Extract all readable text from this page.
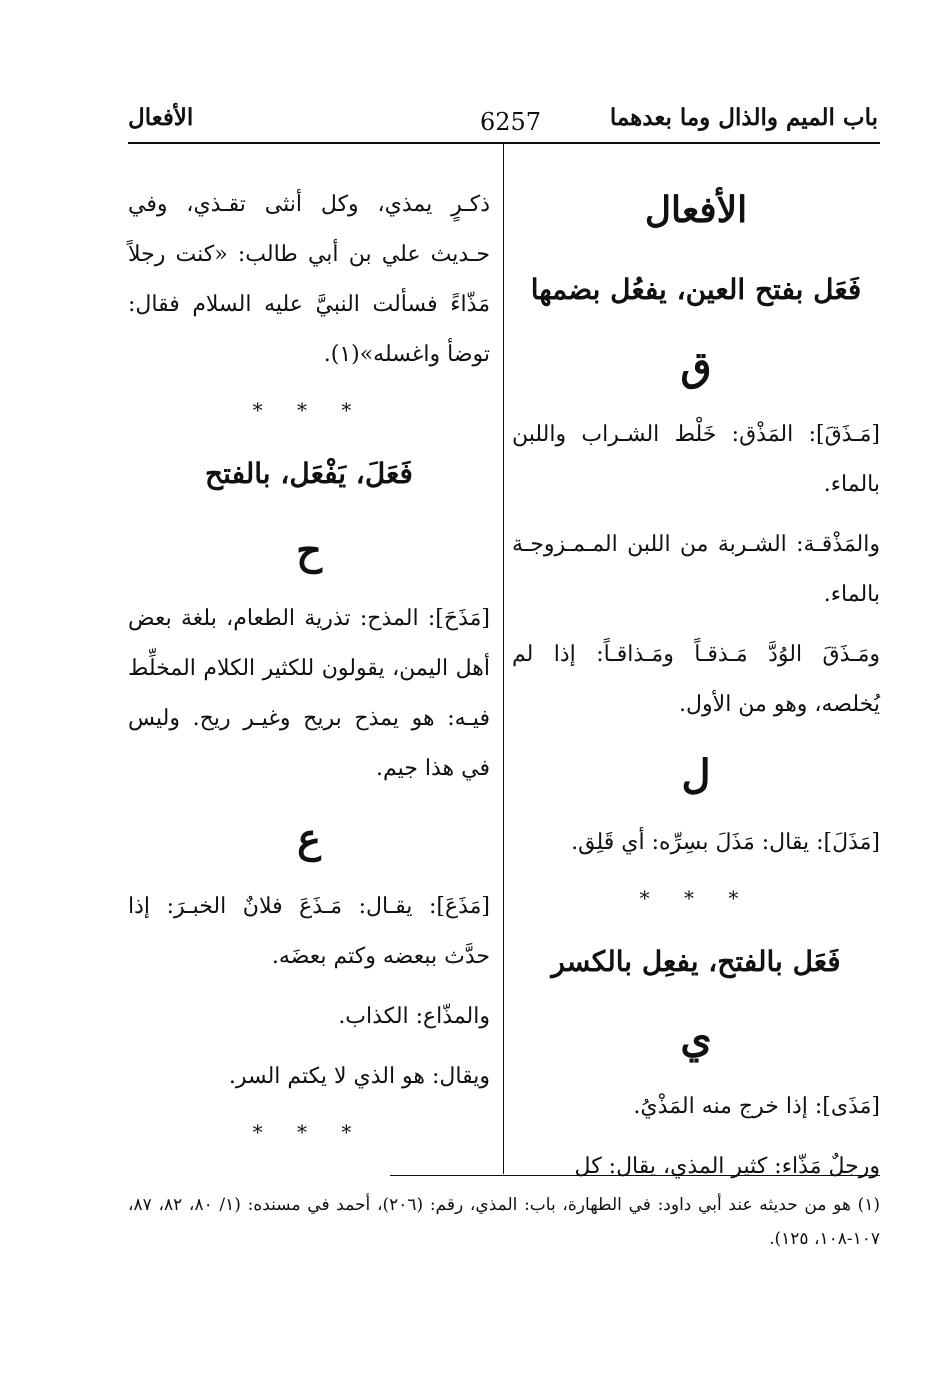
باب الميم والذال وما بعدهما
6257
الأفعال
الأفعال
فَعَل بفتح العين، يفعُل بضمها
ق

[مَـذَقَ]: المَذْق: خَلْط الشـراب واللبن بالماء.

والمَذْقـة: الشـربة من اللبن المـمـزوجـة بالماء.

ومَـذَقَ الوُدَّ مَـذقـاً ومَـذاقـاً: إذا لم يُخلصه، وهو من الأول.

ل

[مَذَلَ]: يقال: مَذَلَ بسِرِّه: أي قَلِق.

* * *
فَعَل بالفتح، يفعِل بالكسر
ي

[مَذَى]: إذا خرج منه المَذْيُ.

ورجلٌ مَذّاء: كثير المذي، يقال: كل

ذكـرٍ يمذي، وكل أنثى تقـذي، وفي حـديث علي بن أبي طالب: «كنت رجلاً مَذّاءً فسألت النبيَّ عليه السلام فقال: توضأ واغسله»(١).

* * *
فَعَلَ، يَفْعَل، بالفتح
ح

[مَذَحَ]: المذح: تذرية الطعام، بلغة بعض أهل اليمن، يقولون للكثير الكلام المخلِّط فيـه: هو يمذح بريح وغيـر ريح. وليس في هذا جيم.

ع

[مَذَعَ]: يقـال: مَـذَعَ فلانٌ الخبـرَ: إذا حدَّث ببعضه وكتم بعضَه.

والمذّاع: الكذاب.

ويقال: هو الذي لا يكتم السر.

* * *
(١) هو من حديثه عند أبي داود: في الطهارة، باب: المذي، رقم: (٢٠٦)، أحمد في مسنده: (١/ ٨٠، ٨٢، ٨٧، ١٠٧-١٠٨، ١٢٥).
